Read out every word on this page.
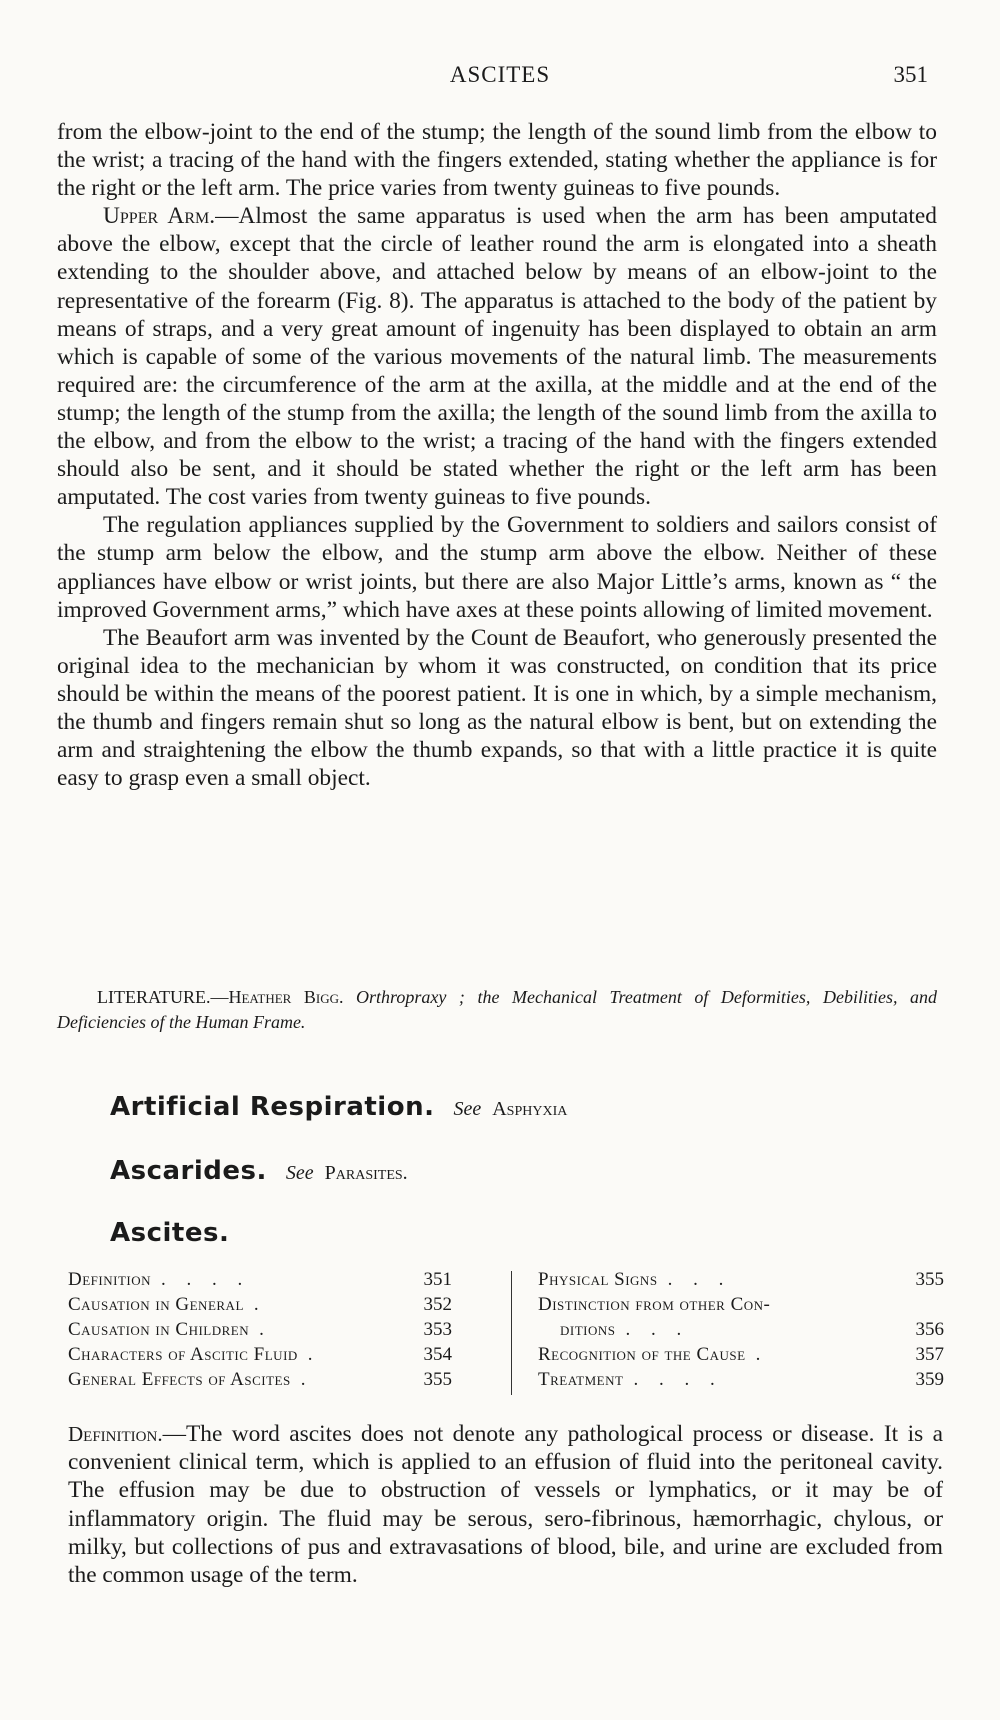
ASCITES	351

from the elbow-joint to the end of the stump; the length of the sound limb from the elbow to the wrist; a tracing of the hand with the fingers extended, stating whether the appliance is for the right or the left arm. The price varies from twenty guineas to five pounds.

Upper Arm.—Almost the same apparatus is used when the arm has been amputated above the elbow, except that the circle of leather round the arm is elongated into a sheath extending to the shoulder above, and attached below by means of an elbow-joint to the representative of the forearm (Fig. 8). The apparatus is attached to the body of the patient by means of straps, and a very great amount of ingenuity has been displayed to obtain an arm which is capable of some of the various movements of the natural limb. The measurements required are: the circumference of the arm at the axilla, at the middle and at the end of the stump; the length of the stump from the axilla; the length of the sound limb from the axilla to the elbow, and from the elbow to the wrist; a tracing of the hand with the fingers extended should also be sent, and it should be stated whether the right or the left arm has been amputated. The cost varies from twenty guineas to five pounds.

The regulation appliances supplied by the Government to soldiers and sailors consist of the stump arm below the elbow, and the stump arm above the elbow. Neither of these appliances have elbow or wrist joints, but there are also Major Little’s arms, known as “ the improved Government arms,” which have axes at these points allowing of limited movement.

The Beaufort arm was invented by the Count de Beaufort, who generously presented the original idea to the mechanician by whom it was constructed, on condition that its price should be within the means of the poorest patient. It is one in which, by a simple mechanism, the thumb and fingers remain shut so long as the natural elbow is bent, but on extending the arm and straightening the elbow the thumb expands, so that with a little practice it is quite easy to grasp even a small object.

LITERATURE.—Heather Bigg. Orthropraxy ; the Mechanical Treatment of Deformities, Debilities, and Deficiencies of the Human Frame.
Artificial Respiration. See Asphyxia
Ascarides. See Parasites.
Ascites.
Definition . . . .	351
Causation in General .	352
Causation in Children .	353
Characters of Ascitic Fluid .	354
General Effects of Ascites .	355
Physical Signs . . .	355
Distinction from other Con-
ditions . . .	356
Recognition of the Cause .	357
Treatment . . . .	359
Definition.—The word ascites does not denote any pathological process or disease. It is a convenient clinical term, which is applied to an effusion of fluid into the peritoneal cavity. The effusion may be due to obstruction of vessels or lymphatics, or it may be of inflammatory origin. The fluid may be serous, sero-fibrinous, hæmorrhagic, chylous, or milky, but collections of pus and extravasations of blood, bile, and urine are excluded from the common usage of the term.
